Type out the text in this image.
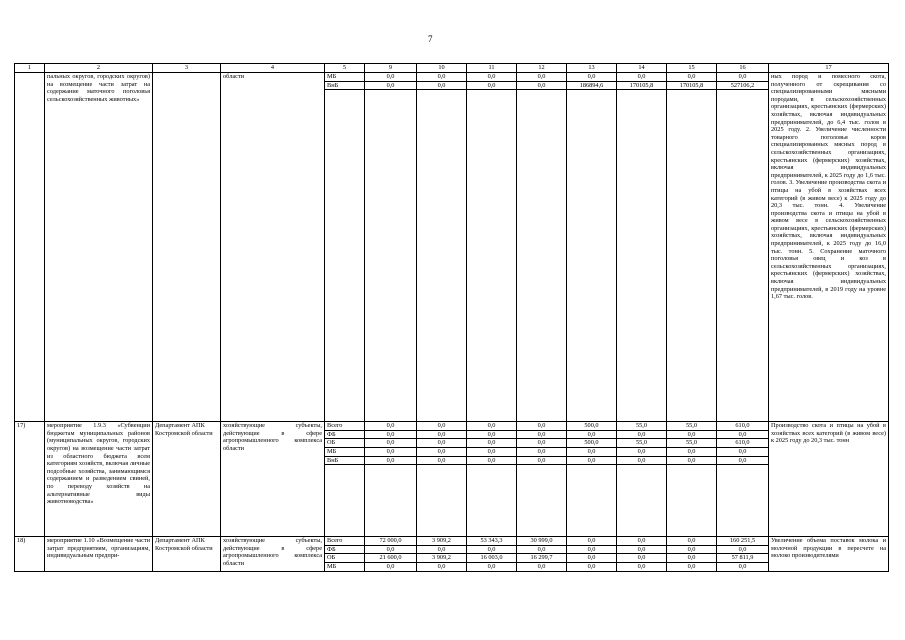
7
1	2	3	4	5	9	10	11	12	13	14	15	16	17
	пальных округов, городских округов) на возмещение части затрат на содержание маточного поголовья сельскохозяйственных животных»		области	МБ	0,0	0,0	0,0	0,0	0,0	0,0	0,0	0,0	ных пород и помесного скота, полученного от скрещивания со специализированными мясными породами, в сельскохозяйственных организациях, крестьянских (фермерских) хозяйствах, включая индивидуальных предпринимателей, до 6,4 тыс. голов в 2025 году. 2. Увеличение численности товарного поголовья коров специализированных мясных пород в сельскохозяйственных организациях, крестьянских (фермерских) хозяйствах, включая индивидуальных предпринимателей, к 2025 году до 1,6 тыс. голов. 3. Увеличение производства скота и птицы на убой в хозяйствах всех категорий (в живом весе) к 2025 году до 20,3 тыс. тонн. 4. Увеличение производства скота и птицы на убой в живом весе в сельскохозяйственных организациях, крестьянских (фермерских) хозяйствах, включая индивидуальных предпринимателей, к 2025 году до 16,0 тыс. тонн. 5. Сохранение маточного поголовья овец и коз в сельскохозяйственных организациях, крестьянских (фермерских) хозяйствах, включая индивидуальных предпринимателей, в 2019 году на уровне 1,67 тыс. голов.
				ВнБ	0,0	0,0	0,0	0,0	186894,6	170105,8	170105,8	527106,2	

17)	мероприятие 1.9.3 «Субвенции бюджетам муниципальных районов (муниципальных округов, городских округов) на возмещение части затрат из областного бюджета всем категориям хозяйств, включая личные подсобные хозяйства, занимающимся содержанием и разведением свиней, по переводу хозяйств на альтернативные виды животноводства»	Департамент АПК Костромской области	хозяйствующие субъекты, действующие в сфере агропромышленного комплекса области	Всего	0,0	0,0	0,0	0,0	500,0	55,0	55,0	610,0	Производство скота и птицы на убой в хозяйствах всех категорий (в живом весе) к 2025 году до 20,3 тыс. тонн
				ФБ	0,0	0,0	0,0	0,0	0,0	0,0	0,0	0,0	
				ОБ	0,0	0,0	0,0	0,0	500,0	55,0	55,0	610,0	
				МБ	0,0	0,0	0,0	0,0	0,0	0,0	0,0	0,0	
				ВнБ	0,0	0,0	0,0	0,0	0,0	0,0	0,0	0,0	

18)	мероприятие 1.10 «Возмещение части затрат предприятиям, организациям, индивидуальным предпри-	Департамент АПК Костромской области	хозяйствующие субъекты, действующие в сфере агропромышленного комплекса области	Всего	72 000,0	3 909,2	53 343,3	30 999,0	0,0	0,0	0,0	160 251,5	Увеличение объема поставок молока и молочной продукции в пересчете на молоко производителями
				ФБ	0,0	0,0	0,0	0,0	0,0	0,0	0,0	0,0	
				ОБ	21 600,0	3 909,2	16 003,0	16 299,7	0,0	0,0	0,0	57 811,9	
				МБ	0,0	0,0	0,0	0,0	0,0	0,0	0,0	0,0	
